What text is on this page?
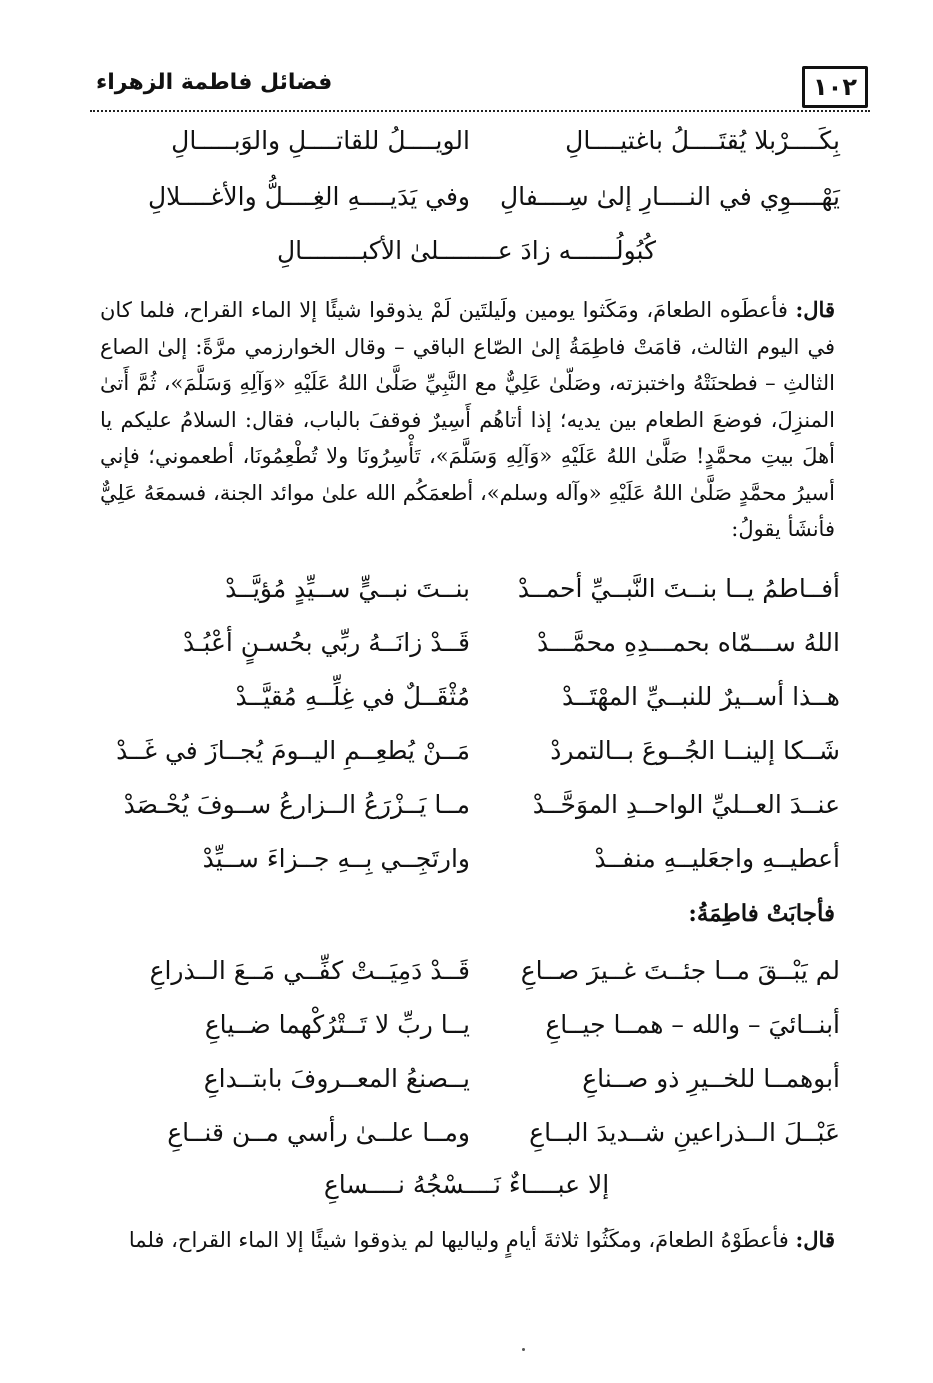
١٠٢
فضائل فاطمة الزهراء
بِكَــــرْبلا يُقتَــــلُ باغتيــــالِ
الويــــلُ للقاتــــلِ والوَبـــــالِ
يَهْــــوِي في النــــارِ إلىٰ سِــــفالِ
وفي يَدَيــــهِ الغِــــلُّ والأغــــلالِ
كُبُولُــــــه زادَ عــــــــلىٰ الأكبــــــــالِ
قال: فأعطَوه الطعامَ، ومَكَثوا يومين ولَيلتَين لَمْ يذوقوا شيئًا إلا الماء القراح، فلما كان في اليوم الثالث، قامَتْ فاطِمَةُ إلىٰ الصّاع الباقي – وقال الخوارزمي مرَّةً: إلىٰ الصاع الثالثِ – فطحنَتْهُ واختبزته، وصَلّىٰ عَلِيٌّ مع النَّبِيِّ صَلَّىٰ اللهُ عَلَيْهِ «وَآلِهِ وَسَلَّمَ»، ثُمَّ أَتىٰ المنزِلَ، فوضعَ الطعام بين يديه؛ إذا أتاهُم أَسِيرٌ فوقفَ بالباب، فقال: السلامُ عليكم يا أهلَ بيتِ محمَّدٍ! صَلَّىٰ اللهُ عَلَيْهِ «وَآلِهِ وَسَلَّمَ»، تَأْسِرُونَا ولا تُطْعِمُونَا، أطعموني؛ فإني أسيرُ محمَّدٍ صَلَّىٰ اللهُ عَلَيْهِ «وآله وسلم»، أطعمَكُم الله علىٰ موائد الجنة، فسمعَهُ عَلِيٌّ فأنشَأ يقولُ:
أفــاطمُ يــا بنــتَ النَّبــيِّ أحمــدْ
بنــتَ نبــيٍّ ســيِّدٍ مُؤيَّــدْ
اللهُ ســـمّاه بحمـــدِهِ محمَّـــدْ
قَــدْ زانَــهُ ربِّي بحُسـنٍ أعْبُـدْ
هــذا أســيرٌ للنبــيِّ المهْتَــدْ
مُثْقَــلٌ في غِلِّــهِ مُقيَّــدْ
شَــكا إلينــا الجُــوعَ بــالتمردْ
مَــنْ يُطعِــمِ اليــومَ يُجــازَ في غَــدْ
عنــدَ العــليِّ الواحــدِ الموَحَّــدْ
مــا يَــزْرَعُ الــزارعُ ســوفَ يُحْـصَدْ
أعطيــهِ واجعَليــهِ منفــدْ
وارتَجِــي بِــهِ جــزاءَ ســيِّدْ
فأجابَتْ فاطِمَةُ:
لم يَبْــقَ مــا جئــتَ غــيرَ صــاعِ
قَــدْ دَمِيَــتْ كفِّــي مَــعَ الــذراعِ
أبنــائيَ – والله – همــا جيــاعِ
يــا ربِّ لا تَــتْرُكْهما ضــياعِ
أبوهمــا للخــيرِ ذو صــناعِ
يــصنعُ المعــروفَ بابتــداعِ
عَبْــلَ الــذراعينِ شــديدَ البــاعِ
ومــا علــىٰ رأسي مــن قنــاعِ
إلا عبــــاءٌ نَــــسْجُهُ نــــساعِ
قال: فأعطَوْهُ الطعامَ، ومكَثُوا ثلاثةَ أيامٍ ولياليها لم يذوقوا شيئًا إلا الماء القراح، فلما
